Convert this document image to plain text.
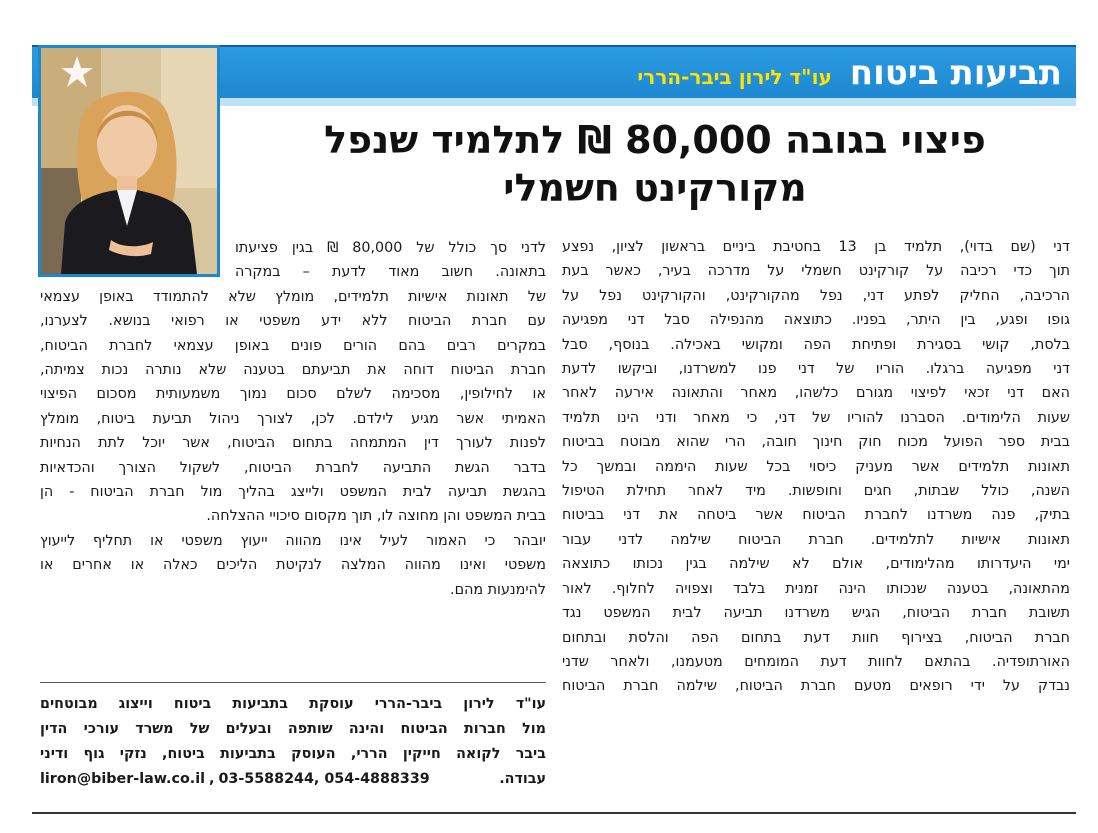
תביעות ביטוח
עו"ד לירון ביבר-הררי
פיצוי בגובה 80,000 ₪ לתלמיד שנפל
מקורקינט חשמלי
דני (שם בדוי), תלמיד בן 13 בחטיבת ביניים בראשון לציון, נפצע
תוך כדי רכיבה על קורקינט חשמלי על מדרכה בעיר, כאשר בעת
הרכיבה, החליק לפתע דני, נפל מהקורקינט, והקורקינט נפל על
גופו ופגע, בין היתר, בפניו. כתוצאה מהנפילה סבל דני מפגיעה
בלסת, קושי בסגירת ופתיחת הפה ומקושי באכילה. בנוסף, סבל
דני מפגיעה ברגלו. הוריו של דני פנו למשרדנו, וביקשו לדעת
האם דני זכאי לפיצוי מגורם כלשהו, מאחר והתאונה אירעה לאחר
שעות הלימודים. הסברנו להוריו של דני, כי מאחר ודני הינו תלמיד
בבית ספר הפועל מכוח חוק חינוך חובה, הרי שהוא מבוטח בביטוח
תאונות תלמידים אשר מעניק כיסוי בכל שעות היממה ובמשך כל
השנה, כולל שבתות, חגים וחופשות. מיד לאחר תחילת הטיפול
בתיק, פנה משרדנו לחברת הביטוח אשר ביטחה את דני בביטוח
תאונות אישיות לתלמידים. חברת הביטוח שילמה לדני עבור
ימי היעדרותו מהלימודים, אולם לא שילמה בגין נכותו כתוצאה
מהתאונה, בטענה שנכותו הינה זמנית בלבד וצפויה לחלוף. לאור
תשובת חברת הביטוח, הגיש משרדנו תביעה לבית המשפט נגד
חברת הביטוח, בצירוף חוות דעת בתחום הפה והלסת ובתחום
האורתופדיה. בהתאם לחוות דעת המומחים מטעמנו, ולאחר שדני
נבדק על ידי רופאים מטעם חברת הביטוח, שילמה חברת הביטוח
לדני סך כולל של 80,000 ₪ בגין פציעתו
בתאונה. חשוב מאוד לדעת – במקרה
של תאונות אישיות תלמידים, מומלץ שלא להתמודד באופן עצמאי
עם חברת הביטוח ללא ידע משפטי או רפואי בנושא. לצערנו,
במקרים רבים בהם הורים פונים באופן עצמאי לחברת הביטוח,
חברת הביטוח דוחה את תביעתם בטענה שלא נותרה נכות צמיתה,
או לחילופין, מסכימה לשלם סכום נמוך משמעותית מסכום הפיצוי
האמיתי אשר מגיע לילדם. לכן, לצורך ניהול תביעת ביטוח, מומלץ
לפנות לעורך דין המתמחה בתחום הביטוח, אשר יוכל לתת הנחיות
בדבר הגשת התביעה לחברת הביטוח, לשקול הצורך והכדאיות
בהגשת תביעה לבית המשפט ולייצג בהליך מול חברת הביטוח - הן
בבית המשפט והן מחוצה לו, תוך מקסום סיכויי ההצלחה.
יובהר כי האמור לעיל אינו מהווה ייעוץ משפטי או תחליף לייעוץ
משפטי ואינו מהווה המלצה לנקיטת הליכים כאלה או אחרים או
להימנעות מהם.
עו"ד לירון ביבר-הררי עוסקת בתביעות ביטוח וייצוג מבוטחים
מול חברות הביטוח והינה שותפה ובעלים של משרד עורכי הדין
ביבר לקואה חייקין הררי, העוסק בתביעות ביטוח, נזקי גוף ודיני
עבודה.
liron@biber-law.co.il , 03-5588244, 054-4888339
